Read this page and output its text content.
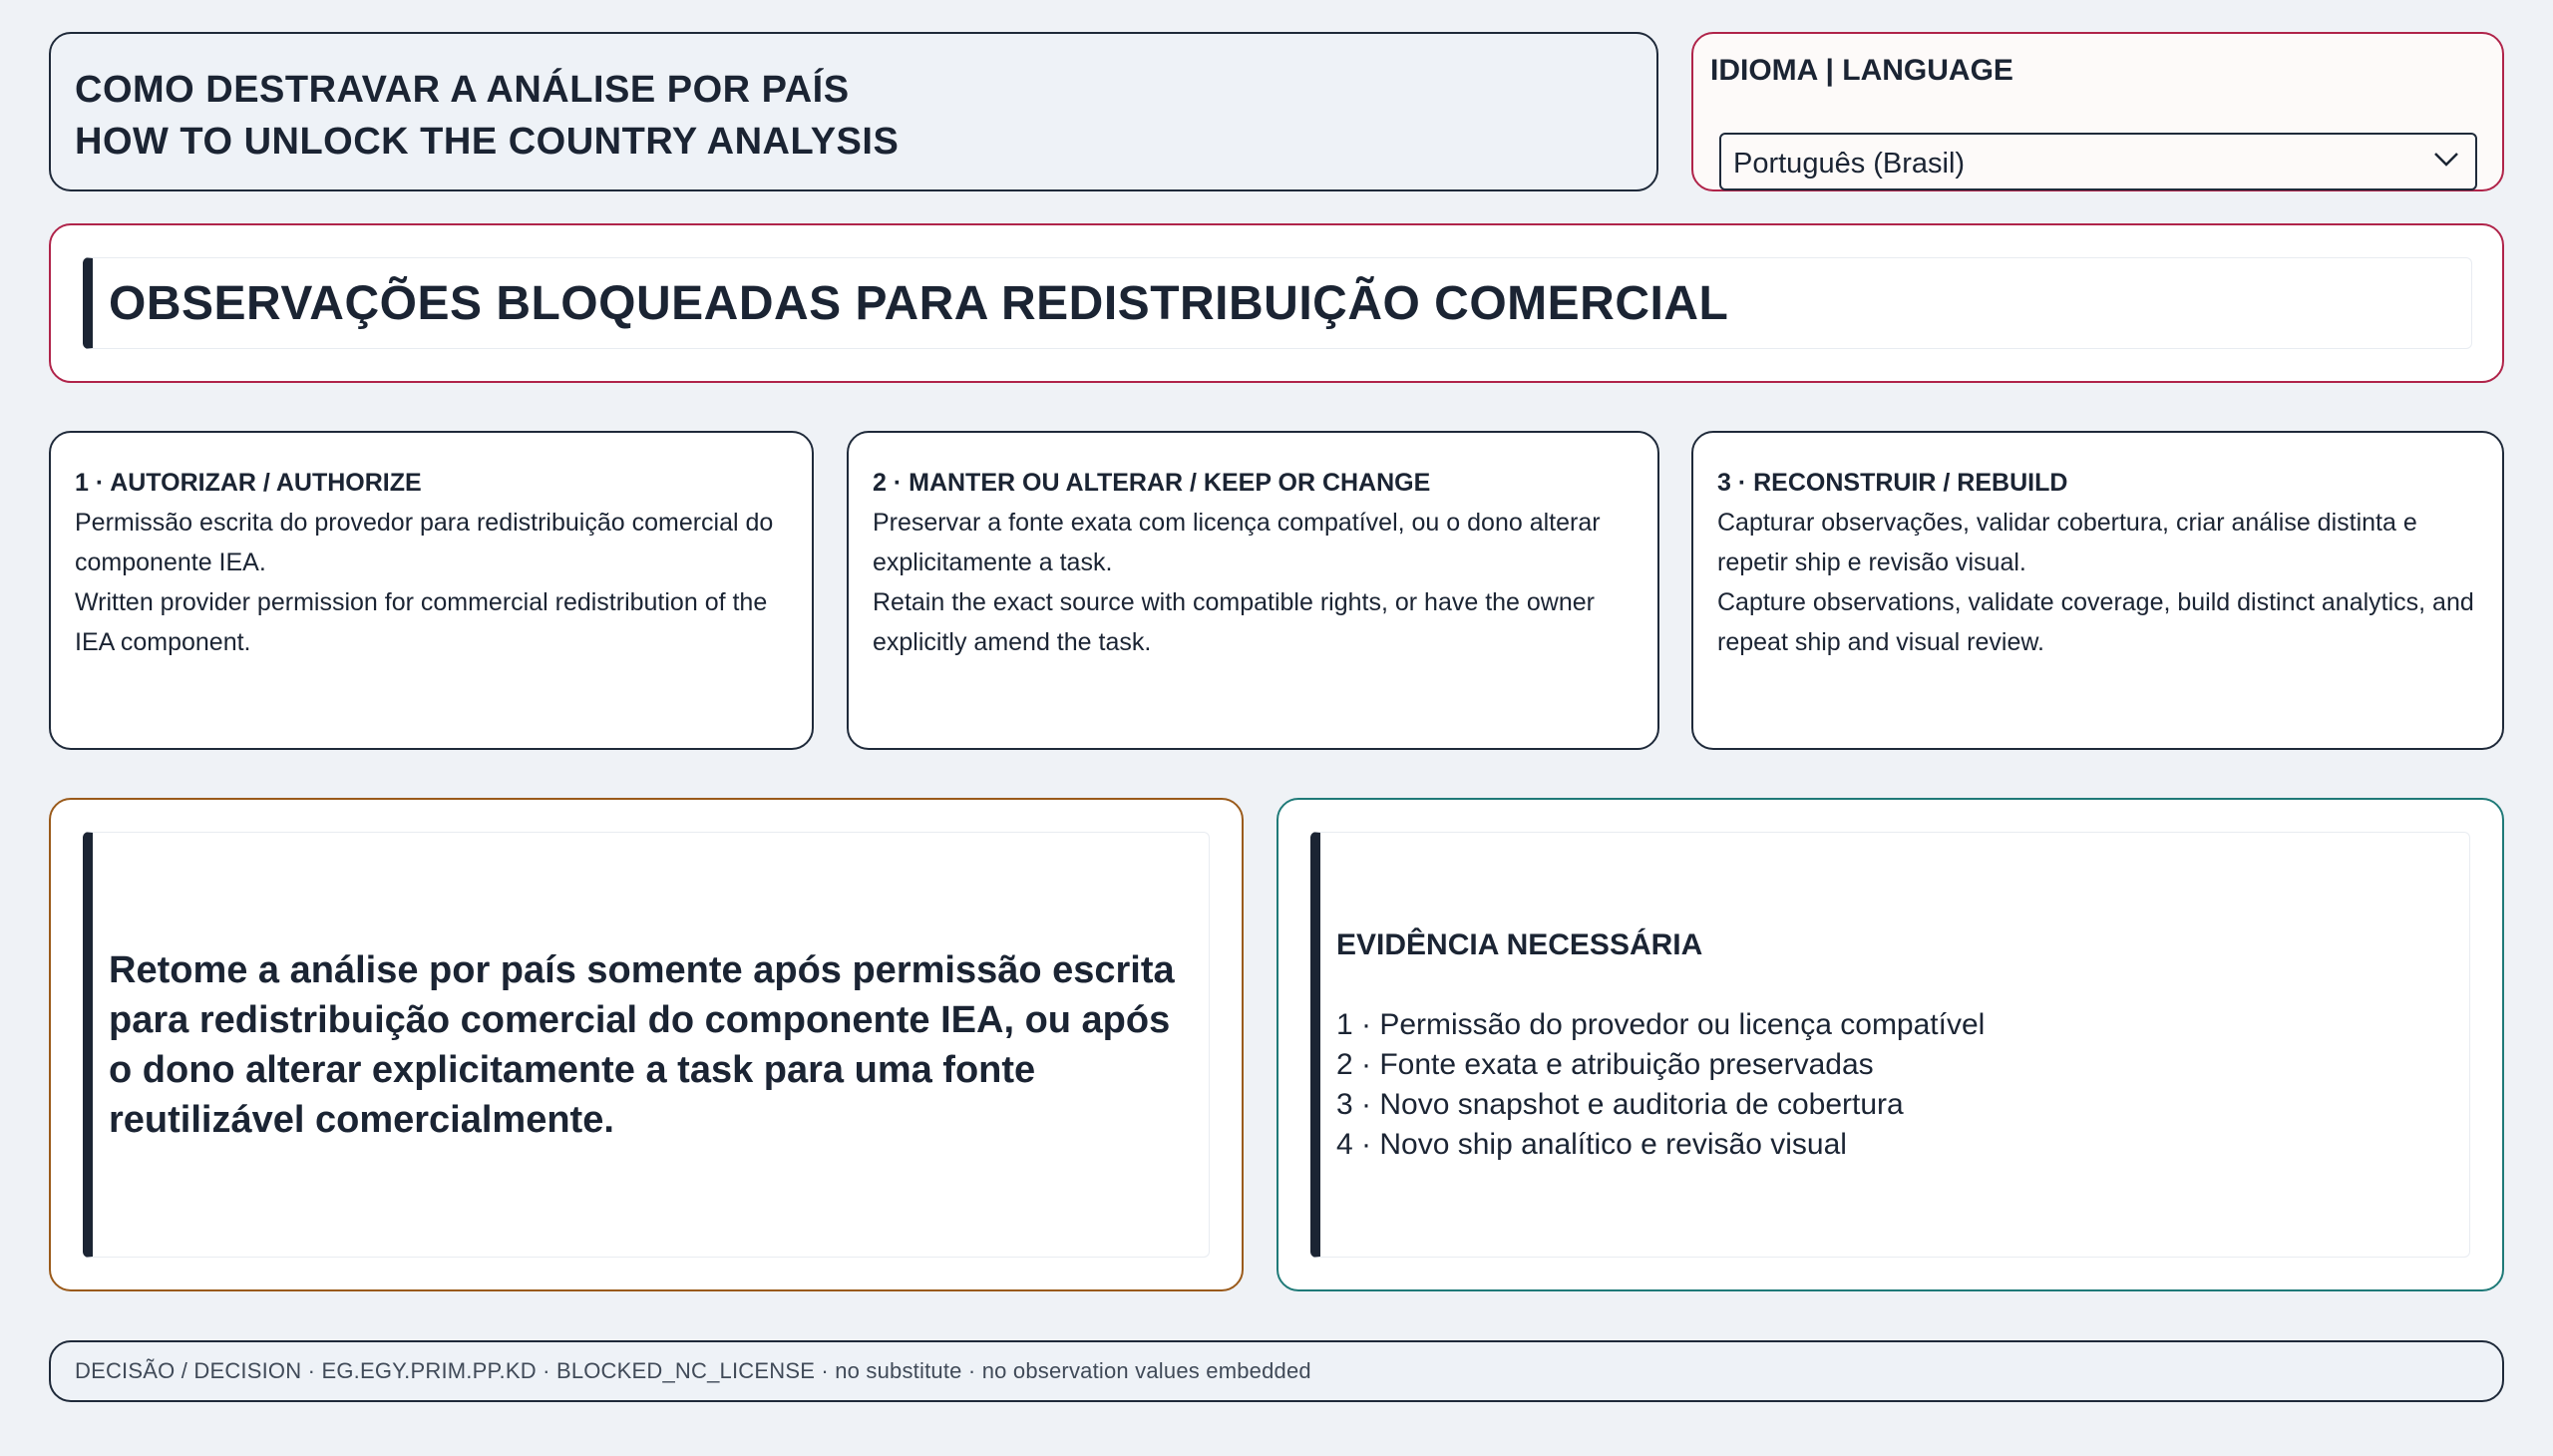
COMO DESTRAVAR A ANÁLISE POR PAÍS
HOW TO UNLOCK THE COUNTRY ANALYSIS
IDIOMA | LANGUAGE
Português (Brasil)
OBSERVAÇÕES BLOQUEADAS PARA REDISTRIBUIÇÃO COMERCIAL
1 · AUTORIZAR / AUTHORIZE
Permissão escrita do provedor para redistribuição comercial do componente IEA.
Written provider permission for commercial redistribution of the IEA component.
2 · MANTER OU ALTERAR / KEEP OR CHANGE
Preservar a fonte exata com licença compatível, ou o dono alterar explicitamente a task.
Retain the exact source with compatible rights, or have the owner explicitly amend the task.
3 · RECONSTRUIR / REBUILD
Capturar observações, validar cobertura, criar análise distinta e repetir ship e revisão visual.
Capture observations, validate coverage, build distinct analytics, and repeat ship and visual review.
Retome a análise por país somente após permissão escrita para redistribuição comercial do componente IEA, ou após o dono alterar explicitamente a task para uma fonte reutilizável comercialmente.
EVIDÊNCIA NECESSÁRIA
1 · Permissão do provedor ou licença compatível
2 · Fonte exata e atribuição preservadas
3 · Novo snapshot e auditoria de cobertura
4 · Novo ship analítico e revisão visual
DECISÃO / DECISION · EG.EGY.PRIM.PP.KD · BLOCKED_NC_LICENSE · no substitute · no observation values embedded
